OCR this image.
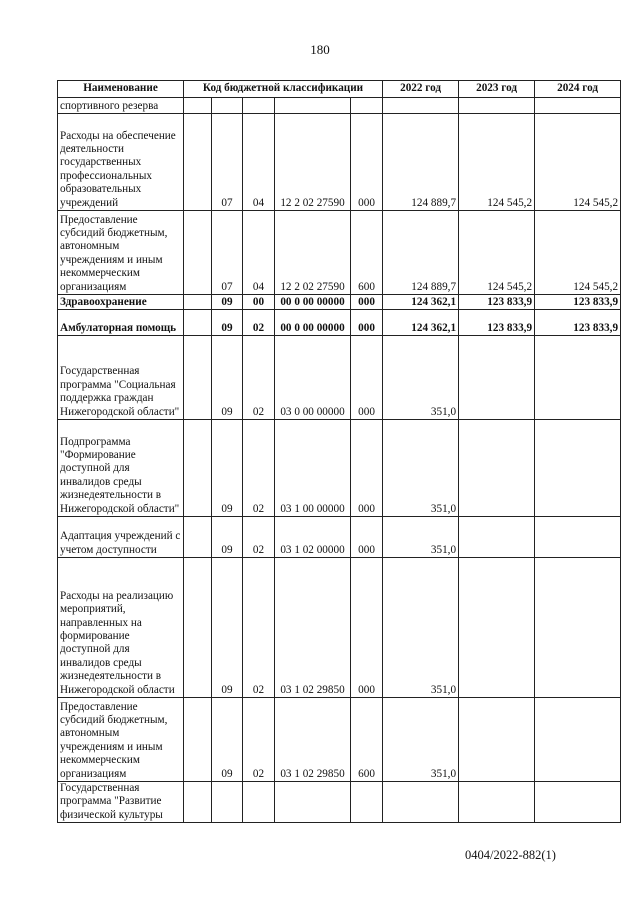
180
Наименование	Код бюджетной классификации					2022 год	2023 год	2024 год
спортивного резерва								
Расходы на обеспечение деятельности государственных профессиональных образовательных учреждений		07	04	12 2 02 27590	000	124 889,7	124 545,2	124 545,2
Предоставление субсидий бюджетным, автономным учреждениям и иным некоммерческим организациям		07	04	12 2 02 27590	600	124 889,7	124 545,2	124 545,2
Здравоохранение		09	00	00 0 00 00000	000	124 362,1	123 833,9	123 833,9
Амбулаторная помощь		09	02	00 0 00 00000	000	124 362,1	123 833,9	123 833,9
Государственная программа "Социальная поддержка граждан Нижегородской области"		09	02	03 0 00 00000	000	351,0		
Подпрограмма "Формирование доступной для инвалидов среды жизнедеятельности в Нижегородской области"		09	02	03 1 00 00000	000	351,0		
Адаптация учреждений с учетом доступности		09	02	03 1 02 00000	000	351,0		
Расходы на реализацию мероприятий, направленных на формирование доступной для инвалидов среды жизнедеятельности в Нижегородской области		09	02	03 1 02 29850	000	351,0		
Предоставление субсидий бюджетным, автономным учреждениям и иным некоммерческим организациям		09	02	03 1 02 29850	600	351,0		
Государственная программа "Развитие физической культуры								
0404/2022-882(1)
